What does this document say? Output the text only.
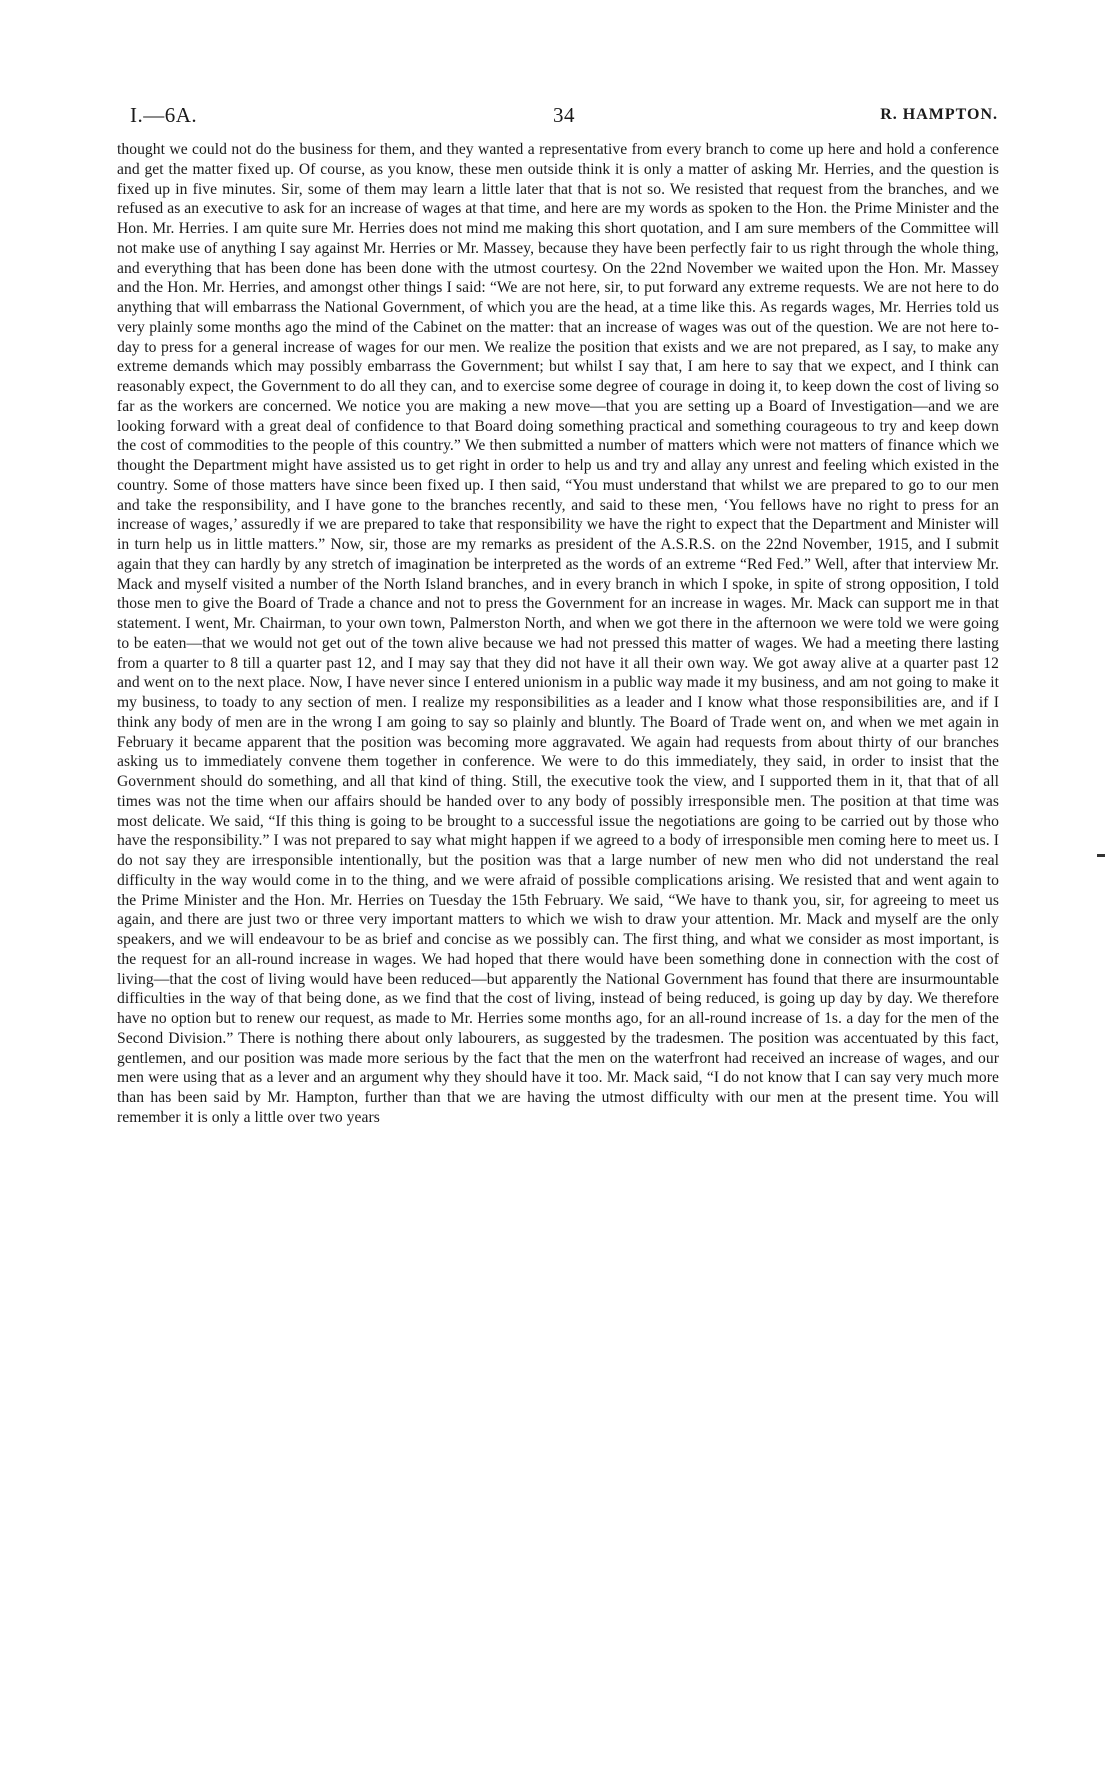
I.—6A.	34	R. HAMPTON.

thought we could not do the business for them, and they wanted a representative from every branch to come up here and hold a conference and get the matter fixed up. Of course, as you know, these men outside think it is only a matter of asking Mr. Herries, and the question is fixed up in five minutes. Sir, some of them may learn a little later that that is not so. We resisted that request from the branches, and we refused as an executive to ask for an increase of wages at that time, and here are my words as spoken to the Hon. the Prime Minister and the Hon. Mr. Herries. I am quite sure Mr. Herries does not mind me making this short quotation, and I am sure members of the Committee will not make use of anything I say against Mr. Herries or Mr. Massey, because they have been perfectly fair to us right through the whole thing, and everything that has been done has been done with the utmost courtesy. On the 22nd November we waited upon the Hon. Mr. Massey and the Hon. Mr. Herries, and amongst other things I said: “We are not here, sir, to put forward any extreme requests. We are not here to do anything that will embarrass the National Government, of which you are the head, at a time like this. As regards wages, Mr. Herries told us very plainly some months ago the mind of the Cabinet on the matter: that an increase of wages was out of the question. We are not here to-day to press for a general increase of wages for our men. We realize the position that exists and we are not prepared, as I say, to make any extreme demands which may possibly embarrass the Government; but whilst I say that, I am here to say that we expect, and I think can reasonably expect, the Government to do all they can, and to exercise some degree of courage in doing it, to keep down the cost of living so far as the workers are concerned. We notice you are making a new move—that you are setting up a Board of Investigation—and we are looking forward with a great deal of confidence to that Board doing something practical and something courageous to try and keep down the cost of commodities to the people of this country.” We then submitted a number of matters which were not matters of finance which we thought the Department might have assisted us to get right in order to help us and try and allay any unrest and feeling which existed in the country. Some of those matters have since been fixed up. I then said, “You must understand that whilst we are prepared to go to our men and take the responsibility, and I have gone to the branches recently, and said to these men, ‘You fellows have no right to press for an increase of wages,’ assuredly if we are prepared to take that responsibility we have the right to expect that the Department and Minister will in turn help us in little matters.” Now, sir, those are my remarks as president of the A.S.R.S. on the 22nd November, 1915, and I submit again that they can hardly by any stretch of imagination be interpreted as the words of an extreme “Red Fed.” Well, after that interview Mr. Mack and myself visited a number of the North Island branches, and in every branch in which I spoke, in spite of strong opposition, I told those men to give the Board of Trade a chance and not to press the Government for an increase in wages. Mr. Mack can support me in that statement. I went, Mr. Chairman, to your own town, Palmerston North, and when we got there in the afternoon we were told we were going to be eaten—that we would not get out of the town alive because we had not pressed this matter of wages. We had a meeting there lasting from a quarter to 8 till a quarter past 12, and I may say that they did not have it all their own way. We got away alive at a quarter past 12 and went on to the next place. Now, I have never since I entered unionism in a public way made it my business, and am not going to make it my business, to toady to any section of men. I realize my responsibilities as a leader and I know what those responsibilities are, and if I think any body of men are in the wrong I am going to say so plainly and bluntly. The Board of Trade went on, and when we met again in February it became apparent that the position was becoming more aggravated. We again had requests from about thirty of our branches asking us to immediately convene them together in conference. We were to do this immediately, they said, in order to insist that the Government should do something, and all that kind of thing. Still, the executive took the view, and I supported them in it, that that of all times was not the time when our affairs should be handed over to any body of possibly irresponsible men. The position at that time was most delicate. We said, “If this thing is going to be brought to a successful issue the negotiations are going to be carried out by those who have the responsibility.” I was not prepared to say what might happen if we agreed to a body of irresponsible men coming here to meet us. I do not say they are irresponsible intentionally, but the position was that a large number of new men who did not understand the real difficulty in the way would come in to the thing, and we were afraid of possible complications arising. We resisted that and went again to the Prime Minister and the Hon. Mr. Herries on Tuesday the 15th February. We said, “We have to thank you, sir, for agreeing to meet us again, and there are just two or three very important matters to which we wish to draw your attention. Mr. Mack and myself are the only speakers, and we will endeavour to be as brief and concise as we possibly can. The first thing, and what we consider as most important, is the request for an all-round increase in wages. We had hoped that there would have been something done in connection with the cost of living—that the cost of living would have been reduced—but apparently the National Government has found that there are insurmountable difficulties in the way of that being done, as we find that the cost of living, instead of being reduced, is going up day by day. We therefore have no option but to renew our request, as made to Mr. Herries some months ago, for an all-round increase of 1s. a day for the men of the Second Division.” There is nothing there about only labourers, as suggested by the tradesmen. The position was accentuated by this fact, gentlemen, and our position was made more serious by the fact that the men on the waterfront had received an increase of wages, and our men were using that as a lever and an argument why they should have it too. Mr. Mack said, “I do not know that I can say very much more than has been said by Mr. Hampton, further than that we are having the utmost difficulty with our men at the present time. You will remember it is only a little over two years
